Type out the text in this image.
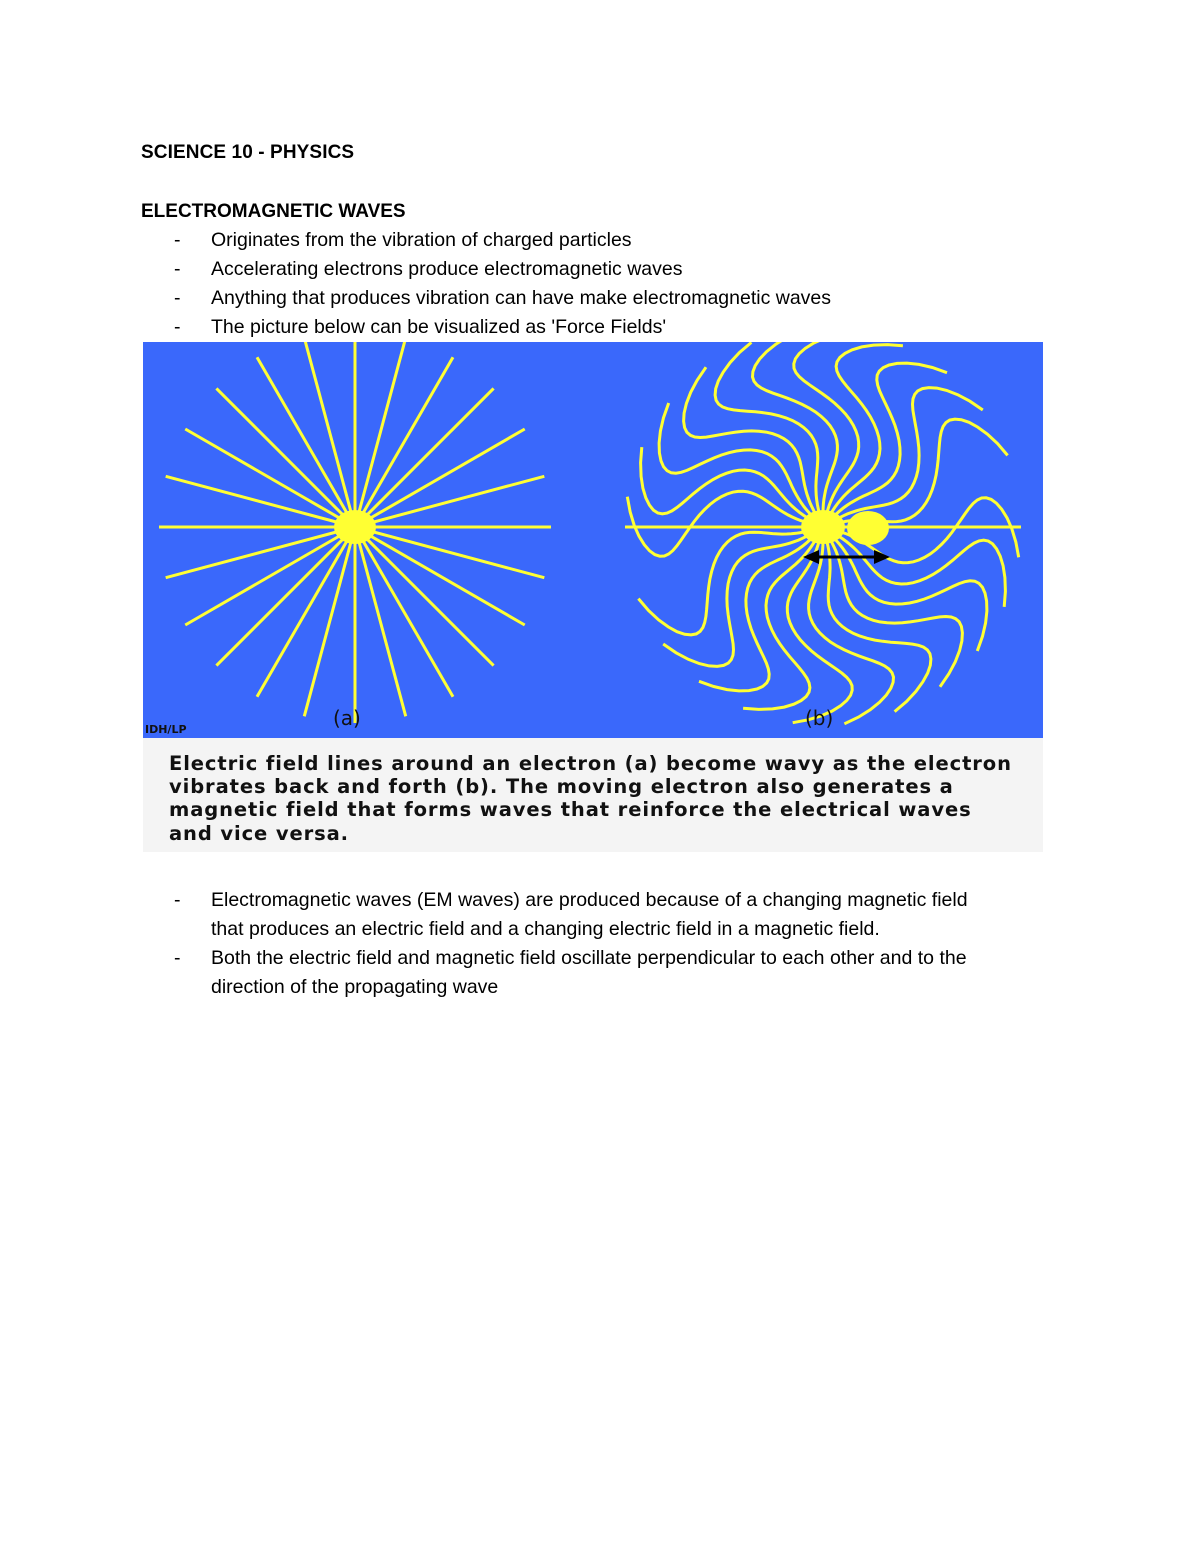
SCIENCE 10 - PHYSICS
ELECTROMAGNETIC WAVES
- Originates from the vibration of charged particles
- Accelerating electrons produce electromagnetic waves
- Anything that produces vibration can have make electromagnetic waves
- The picture below can be visualized as 'Force Fields'
IDH/LP	(a)	(b)
Electric field lines around an electron (a) become wavy as the electron
vibrates back and forth (b). The moving electron also generates a
magnetic field that forms waves that reinforce the electrical waves
and vice versa.
- Electromagnetic waves (EM waves) are produced because of a changing magnetic field
that produces an electric field and a changing electric field in a magnetic field.
- Both the electric field and magnetic field oscillate perpendicular to each other and to the
direction of the propagating wave
